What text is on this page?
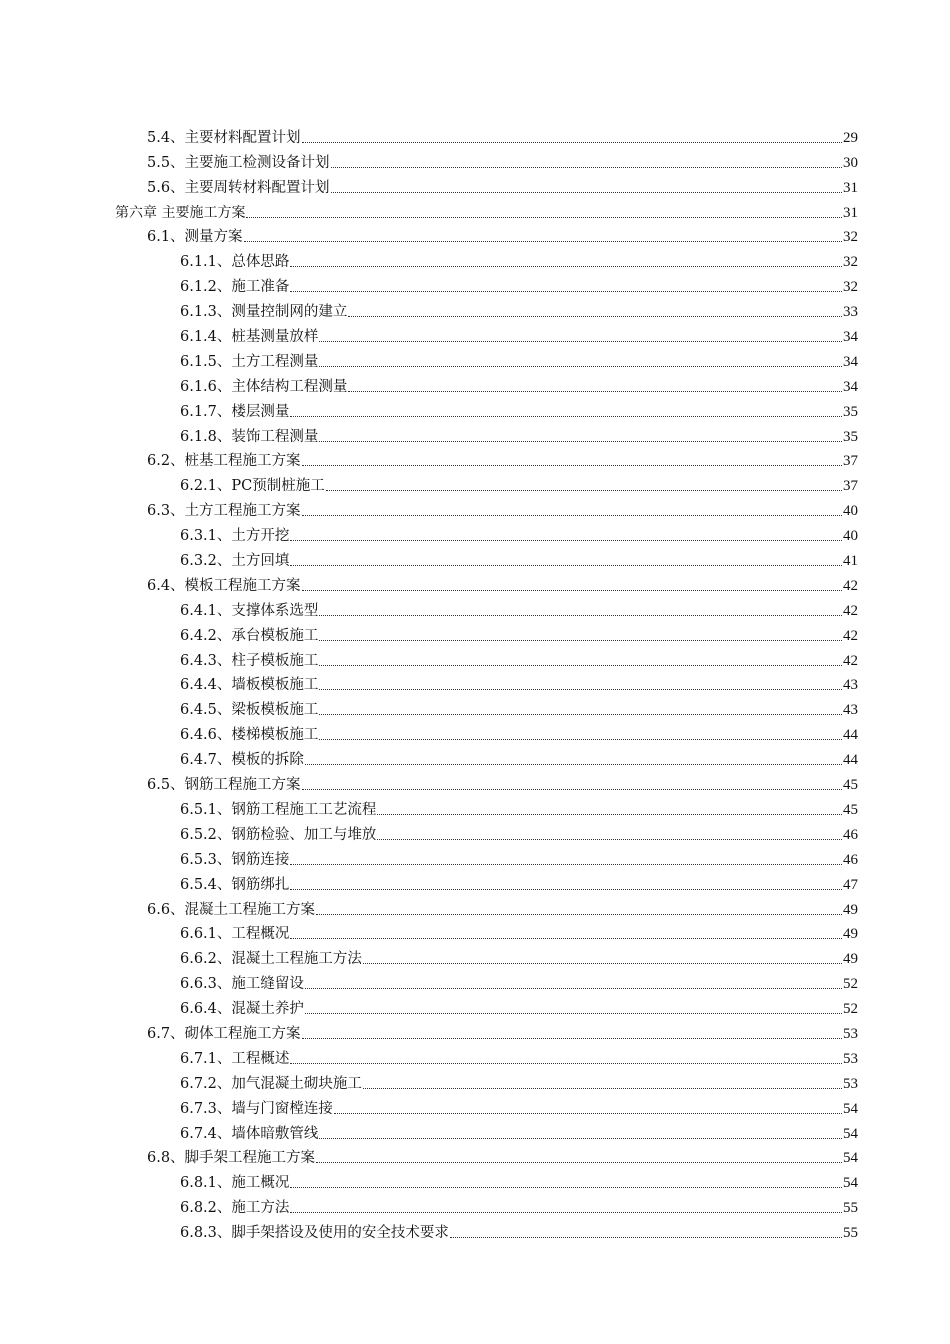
5.4、主要材料配置计划	29
5.5、主要施工检测设备计划	30
5.6、主要周转材料配置计划	31
第六章 主要施工方案	31
6.1、测量方案	32
6.1.1、总体思路	32
6.1.2、施工准备	32
6.1.3、测量控制网的建立	33
6.1.4、桩基测量放样	34
6.1.5、土方工程测量	34
6.1.6、主体结构工程测量	34
6.1.7、楼层测量	35
6.1.8、装饰工程测量	35
6.2、桩基工程施工方案	37
6.2.1、PC预制桩施工	37
6.3、土方工程施工方案	40
6.3.1、土方开挖	40
6.3.2、土方回填	41
6.4、模板工程施工方案	42
6.4.1、支撑体系选型	42
6.4.2、承台模板施工	42
6.4.3、柱子模板施工	42
6.4.4、墙板模板施工	43
6.4.5、梁板模板施工	43
6.4.6、楼梯模板施工	44
6.4.7、模板的拆除	44
6.5、钢筋工程施工方案	45
6.5.1、钢筋工程施工工艺流程	45
6.5.2、钢筋检验、加工与堆放	46
6.5.3、钢筋连接	46
6.5.4、钢筋绑扎	47
6.6、混凝土工程施工方案	49
6.6.1、工程概况	49
6.6.2、混凝土工程施工方法	49
6.6.3、施工缝留设	52
6.6.4、混凝土养护	52
6.7、砌体工程施工方案	53
6.7.1、工程概述	53
6.7.2、加气混凝土砌块施工	53
6.7.3、墙与门窗樘连接	54
6.7.4、墙体暗敷管线	54
6.8、脚手架工程施工方案	54
6.8.1、施工概况	54
6.8.2、施工方法	55
6.8.3、脚手架搭设及使用的安全技术要求	55
